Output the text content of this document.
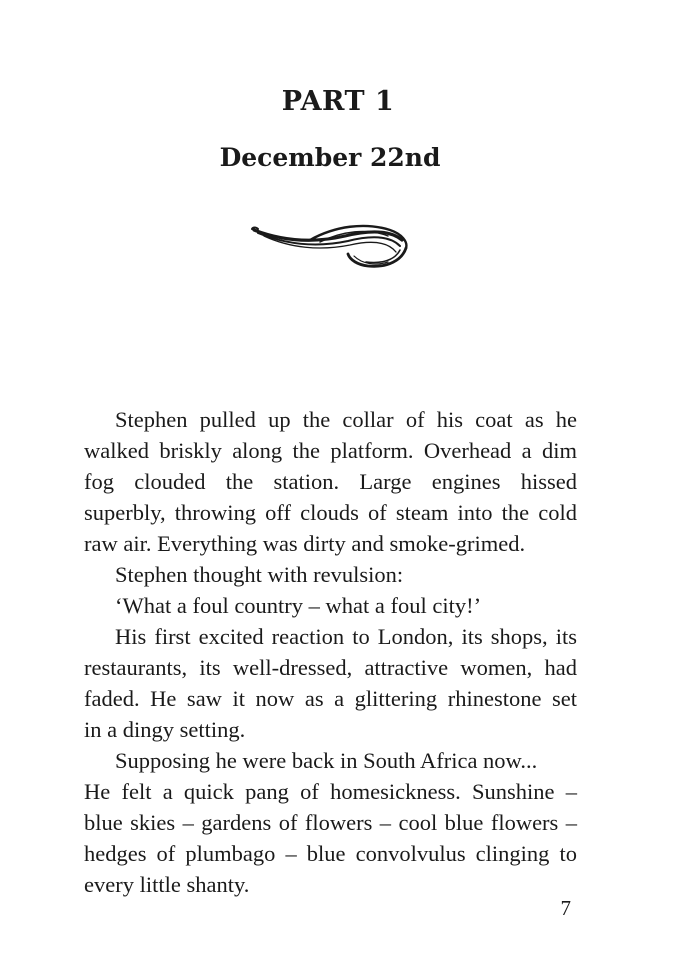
PART 1
December 22nd
Stephen pulled up the collar of his coat as he
walked briskly along the platform. Overhead a dim
fog clouded the station. Large engines hissed
superbly, throwing off clouds of steam into the cold
raw air. Everything was dirty and smoke-grimed.
Stephen thought with revulsion:
‘What a foul country – what a foul city!’
His first excited reaction to London, its shops, its
restaurants, its well-dressed, attractive women, had
faded. He saw it now as a glittering rhinestone set
in a dingy setting.
Supposing he were back in South Africa now...
He felt a quick pang of homesickness. Sunshine –
blue skies – gardens of flowers – cool blue flowers –
hedges of plumbago – blue convolvulus clinging to
every little shanty.
7
